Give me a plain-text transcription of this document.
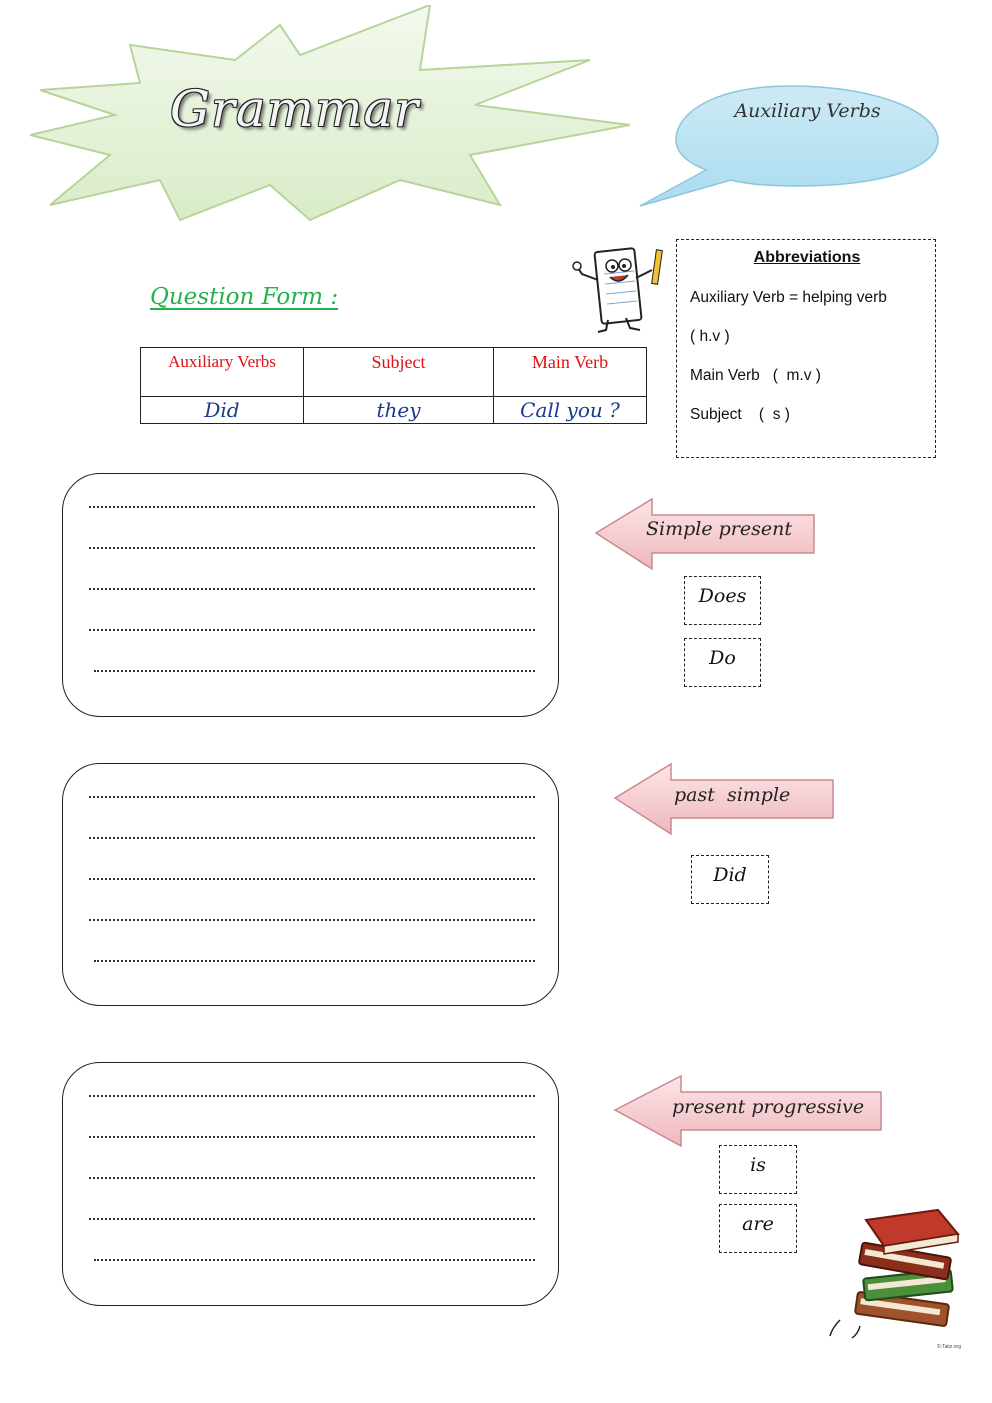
Grammar	Auxiliary Verbs
Question Form :
Auxiliary Verbs	Subject	Main Verb
Did	they	Call you ?
Abbreviations
Auxiliary Verb = helping verb
( h.v )
Main Verb   (  m.v )
Subject    (  s )
Simple present
Does
Do
past  simple
Did
present progressive
is
are
©:Takz.org
